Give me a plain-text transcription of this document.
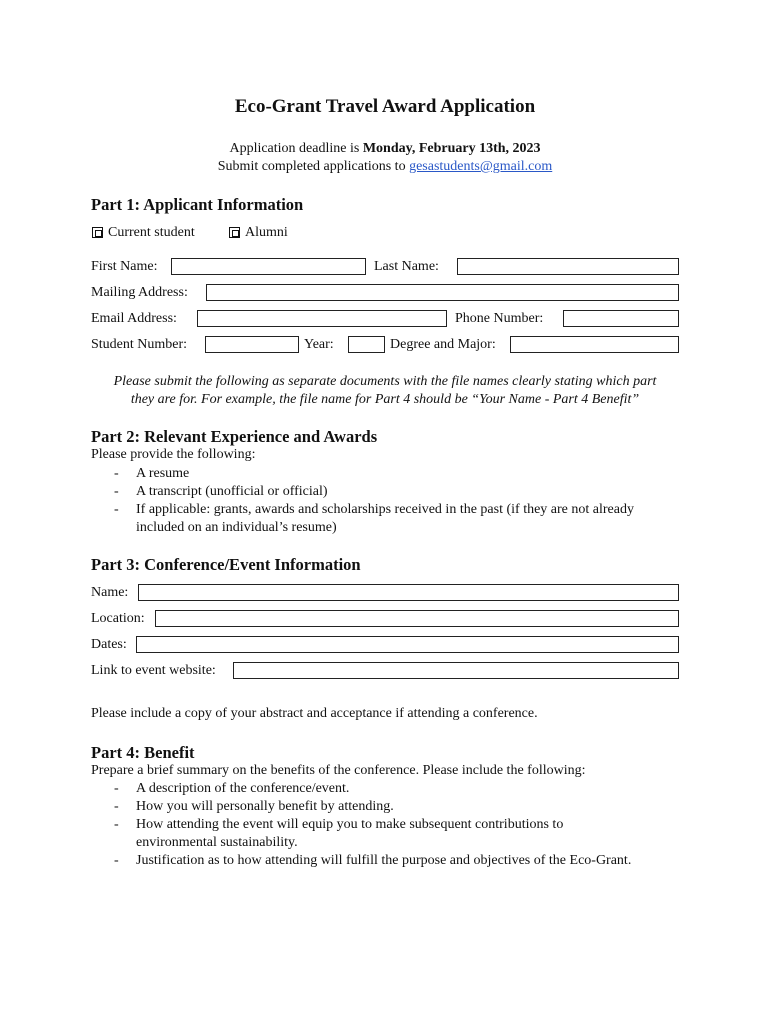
Eco-Grant Travel Award Application
Application deadline is Monday, February 13th, 2023
Submit completed applications to gesastudents@gmail.com
Part 1: Applicant Information
Current student	Alumni
First Name:	Last Name:
Mailing Address:
Email Address:	Phone Number:
Student Number:	Year:	Degree and Major:
Please submit the following as separate documents with the file names clearly stating which part
they are for. For example, the file name for Part 4 should be “Your Name - Part 4 Benefit”
Part 2: Relevant Experience and Awards
Please provide the following:
- A resume
- A transcript (unofficial or official)
- If applicable: grants, awards and scholarships received in the past (if they are not already
included on an individual’s resume)
Part 3: Conference/Event Information
Name:
Location:
Dates:
Link to event website:
Please include a copy of your abstract and acceptance if attending a conference.
Part 4: Benefit
Prepare a brief summary on the benefits of the conference. Please include the following:
- A description of the conference/event.
- How you will personally benefit by attending.
- How attending the event will equip you to make subsequent contributions to
environmental sustainability.
- Justification as to how attending will fulfill the purpose and objectives of the Eco-Grant.
